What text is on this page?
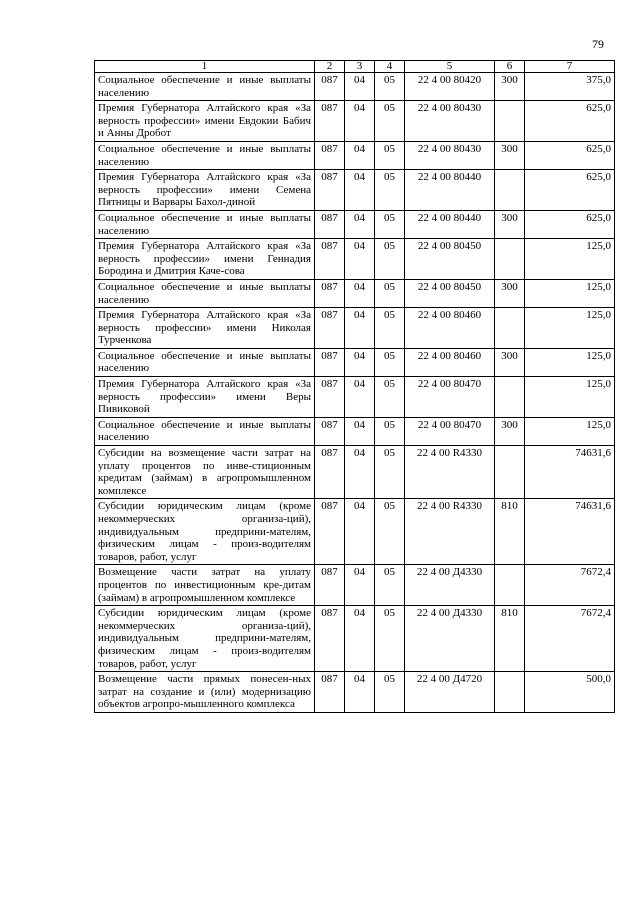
79
1	2	3	4	5	6	7
Социальное обеспечение и иные выплаты населению	087	04	05	22 4 00 80420	300	375,0
Премия Губернатора Алтайского края «За верность профессии» имени Евдокии Бабич и Анны Дробот	087	04	05	22 4 00 80430		625,0
Социальное обеспечение и иные выплаты населению	087	04	05	22 4 00 80430	300	625,0
Премия Губернатора Алтайского края «За верность профессии» имени Семена Пятницы и Варвары Бахол-диной	087	04	05	22 4 00 80440		625,0
Социальное обеспечение и иные выплаты населению	087	04	05	22 4 00 80440	300	625,0
Премия Губернатора Алтайского края «За верность профессии» имени Геннадия Бородина и Дмитрия Каче-сова	087	04	05	22 4 00 80450		125,0
Социальное обеспечение и иные выплаты населению	087	04	05	22 4 00 80450	300	125,0
Премия Губернатора Алтайского края «За верность профессии» имени Николая Турченкова	087	04	05	22 4 00 80460		125,0
Социальное обеспечение и иные выплаты населению	087	04	05	22 4 00 80460	300	125,0
Премия Губернатора Алтайского края «За верность профессии» имени Веры Пивиковой	087	04	05	22 4 00 80470		125,0
Социальное обеспечение и иные выплаты населению	087	04	05	22 4 00 80470	300	125,0
Субсидии на возмещение части затрат на уплату процентов по инве-стиционным кредитам (займам) в агропромышленном комплексе	087	04	05	22 4 00 R4330		74631,6
Субсидии юридическим лицам (кроме некоммерческих организа-ций), индивидуальным предприни-мателям, физическим лицам - произ-водителям товаров, работ, услуг	087	04	05	22 4 00 R4330	810	74631,6
Возмещение части затрат на уплату процентов по инвестиционным кре-дитам (займам) в агропромышленном комплексе	087	04	05	22 4 00 Д4330		7672,4
Субсидии юридическим лицам (кроме некоммерческих организа-ций), индивидуальным предприни-мателям, физическим лицам - произ-водителям товаров, работ, услуг	087	04	05	22 4 00 Д4330	810	7672,4
Возмещение части прямых понесен-ных затрат на создание и (или) модернизацию объектов агропро-мышленного комплекса	087	04	05	22 4 00 Д4720		500,0
